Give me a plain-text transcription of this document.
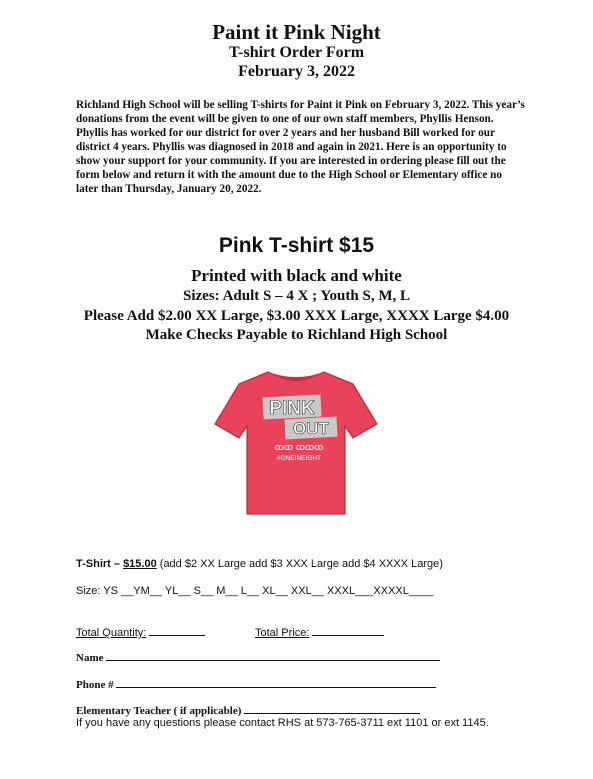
Paint it Pink Night
T-shirt Order Form
February 3, 2022
Richland High School will be selling T-shirts for Paint it Pink on February 3, 2022. This year’s donations from the event will be given to one of our own staff members, Phyllis Henson. Phyllis has worked for our district for over 2 years and her husband Bill worked for our district 4 years. Phyllis was diagnosed in 2018 and again in 2021. Here is an opportunity to show your support for your community. If you are interested in ordering please fill out the form below and return it with the amount due to the High School or Elementary office no later than Thursday, January 20, 2022.
Pink T-shirt $15
Printed with black and white
Sizes: Adult S – 4 X ; Youth S, M, L
Please Add $2.00 XX Large, $3.00 XXX Large, XXXX Large $4.00
Make Checks Payable to Richland High School
PINK
OUT
ꝏꝏ ꝏꝏꝏ
#ONEINEIGHT
T-Shirt – $15.00 (add $2 XX Large add $3 XXX Large add $4 XXXX Large)
Size: YS __YM__ YL__ S__ M__ L__ XL__ XXL__ XXXL___XXXXL____
Total Quantity:	Total Price:
Name
Phone #
Elementary Teacher ( if applicable)
If you have any questions please contact RHS at 573-765-3711 ext 1101 or ext 1145.
